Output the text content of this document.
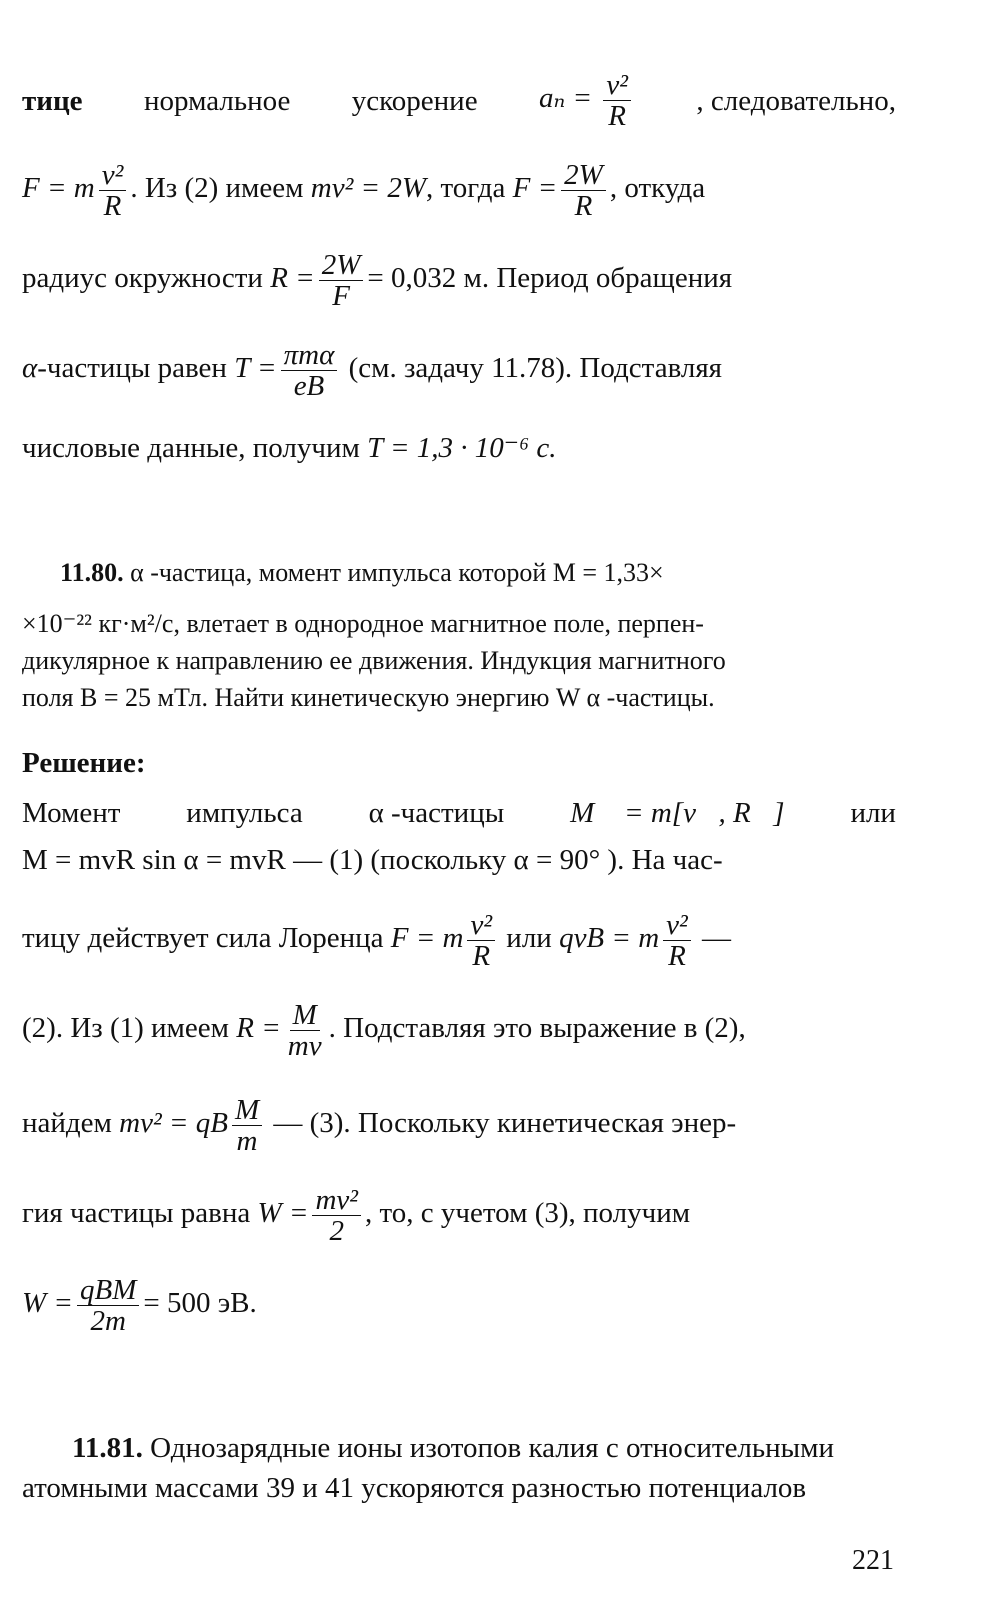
тице нормальное ускорение $a_n = \frac{\text{v²}}{R}$ , следовательно,
F = m $\frac{\text{v²}}{R}$ . Из (2) имеем mv² = 2W, тогда $F = \frac{2W}{R}$ , откуда
радиус окружности $R = \frac{2W}{F} = 0,032$ м. Период обращения
α-частицы равен $T = \frac{\text{πmα}}{eB} (см$. задачу 11.78). Подставляя
числовые данные, получим T = 1,3 · 10⁻⁶ с.
11.80. α -частица, момент импульса которой M = 1,33×
×10⁻²² кг·м²/с, влетает в однородное магнитное поле, перпен-
дикулярное к направлению ее движения. Индукция магнитного
поля B = 25 мТл. Найти кинетическую энергию W α -частицы.
Решение:
Момент импульса α -частицы M⃗ = m[v⃗, R⃗] или
M = mvR sin α = mvR — (1) (поскольку α = 90° ). На час-
тицу действует сила Лоренца F = m $\frac{\text{v²}}{R}$ или qvB = m $\frac{\text{v²}}{R}$ —
(2). Из (1) имеем $R = \frac{M}{mv}$ . Подставляя это выражение в (2),
найдем mv² = qB $\frac{M}{m}$ — (3). Поскольку кинетическая энер-
гия частицы равна $W = \frac{\text{mv²}}{2}$ , то, с учетом (3), получим
$W = \frac{\text{qBM}}{2m} = 500$ эВ.
11.81. Однозарядные ионы изотопов калия с относительными
атомными массами 39 и 41 ускоряются разностью потенциалов
221
